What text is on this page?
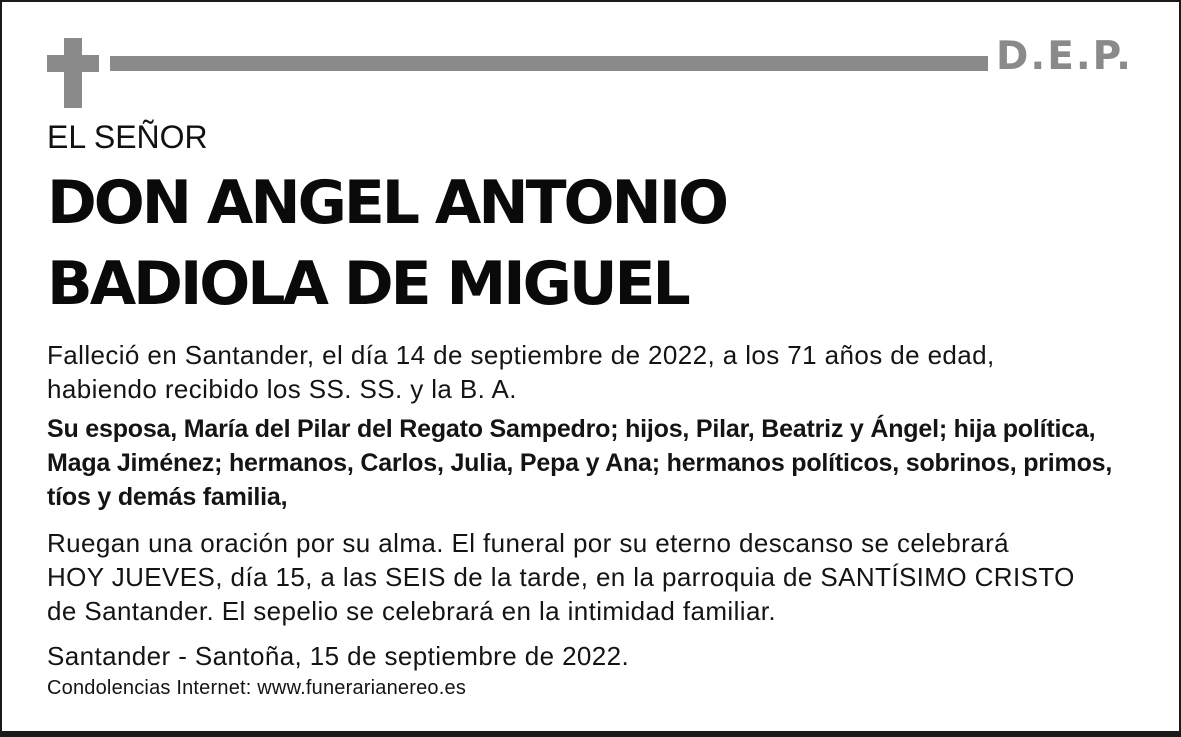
D.E.P.
EL SEÑOR
DON ANGEL ANTONIO
BADIOLA DE MIGUEL
Falleció en Santander, el día 14 de septiembre de 2022, a los 71 años de edad,
habiendo recibido los SS. SS. y la B. A.
Su esposa, María del Pilar del Regato Sampedro; hijos, Pilar, Beatriz y Ángel; hija política,
Maga Jiménez; hermanos, Carlos, Julia, Pepa y Ana; hermanos políticos, sobrinos, primos,
tíos y demás familia,
Ruegan una oración por su alma. El funeral por su eterno descanso se celebrará
HOY JUEVES, día 15, a las SEIS de la tarde, en la parroquia de SANTÍSIMO CRISTO
de Santander. El sepelio se celebrará en la intimidad familiar.
Santander - Santoña, 15 de septiembre de 2022.
Condolencias Internet: www.funerarianereo.es
